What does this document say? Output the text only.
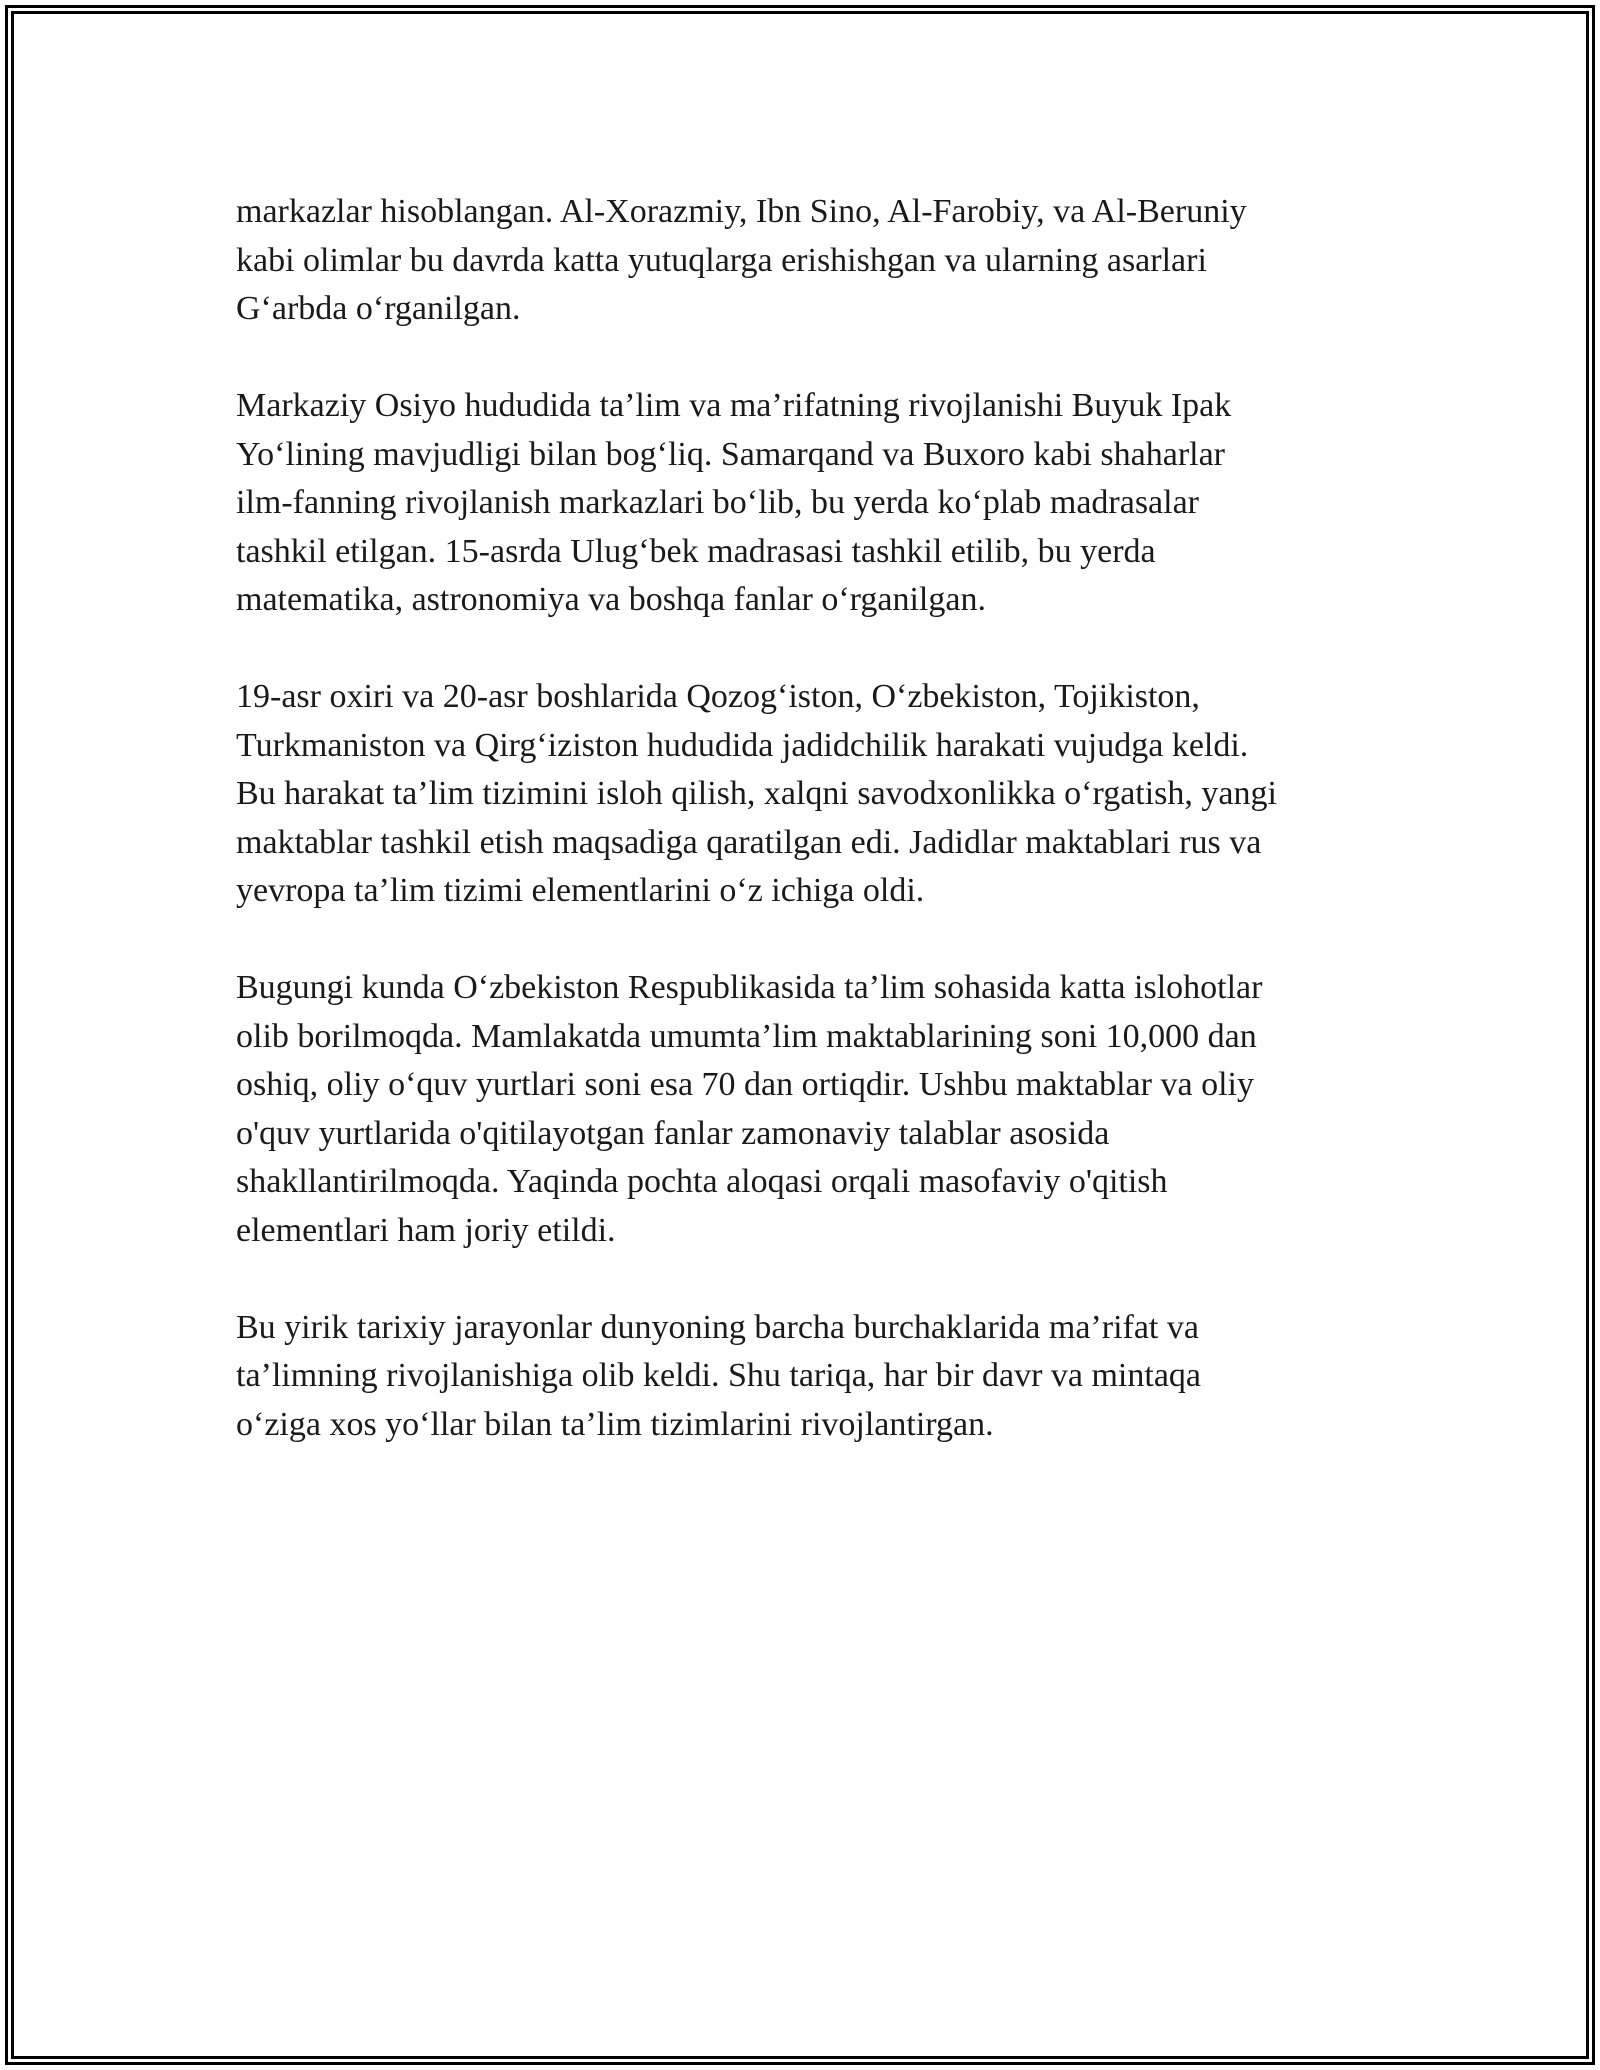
markazlar hisoblangan. Al-Xorazmiy, Ibn Sino, Al-Farobiy, va Al-Beruniy
kabi olimlar bu davrda katta yutuqlarga erishishgan va ularning asarlari
G‘arbda o‘rganilgan.

Markaziy Osiyo hududida ta’lim va ma’rifatning rivojlanishi Buyuk Ipak
Yo‘lining mavjudligi bilan bog‘liq. Samarqand va Buxoro kabi shaharlar
ilm-fanning rivojlanish markazlari bo‘lib, bu yerda ko‘plab madrasalar
tashkil etilgan. 15-asrda Ulug‘bek madrasasi tashkil etilib, bu yerda
matematika, astronomiya va boshqa fanlar o‘rganilgan.

19-asr oxiri va 20-asr boshlarida Qozog‘iston, O‘zbekiston, Tojikiston,
Turkmaniston va Qirg‘iziston hududida jadidchilik harakati vujudga keldi.
Bu harakat ta’lim tizimini isloh qilish, xalqni savodxonlikka o‘rgatish, yangi
maktablar tashkil etish maqsadiga qaratilgan edi. Jadidlar maktablari rus va
yevropa ta’lim tizimi elementlarini o‘z ichiga oldi.

Bugungi kunda O‘zbekiston Respublikasida ta’lim sohasida katta islohotlar
olib borilmoqda. Mamlakatda umumta’lim maktablarining soni 10,000 dan
oshiq, oliy o‘quv yurtlari soni esa 70 dan ortiqdir. Ushbu maktablar va oliy
o'quv yurtlarida o'qitilayotgan fanlar zamonaviy talablar asosida
shakllantirilmoqda. Yaqinda pochta aloqasi orqali masofaviy o'qitish
elementlari ham joriy etildi.

Bu yirik tarixiy jarayonlar dunyoning barcha burchaklarida ma’rifat va
ta’limning rivojlanishiga olib keldi. Shu tariqa, har bir davr va mintaqa
o‘ziga xos yo‘llar bilan ta’lim tizimlarini rivojlantirgan.
